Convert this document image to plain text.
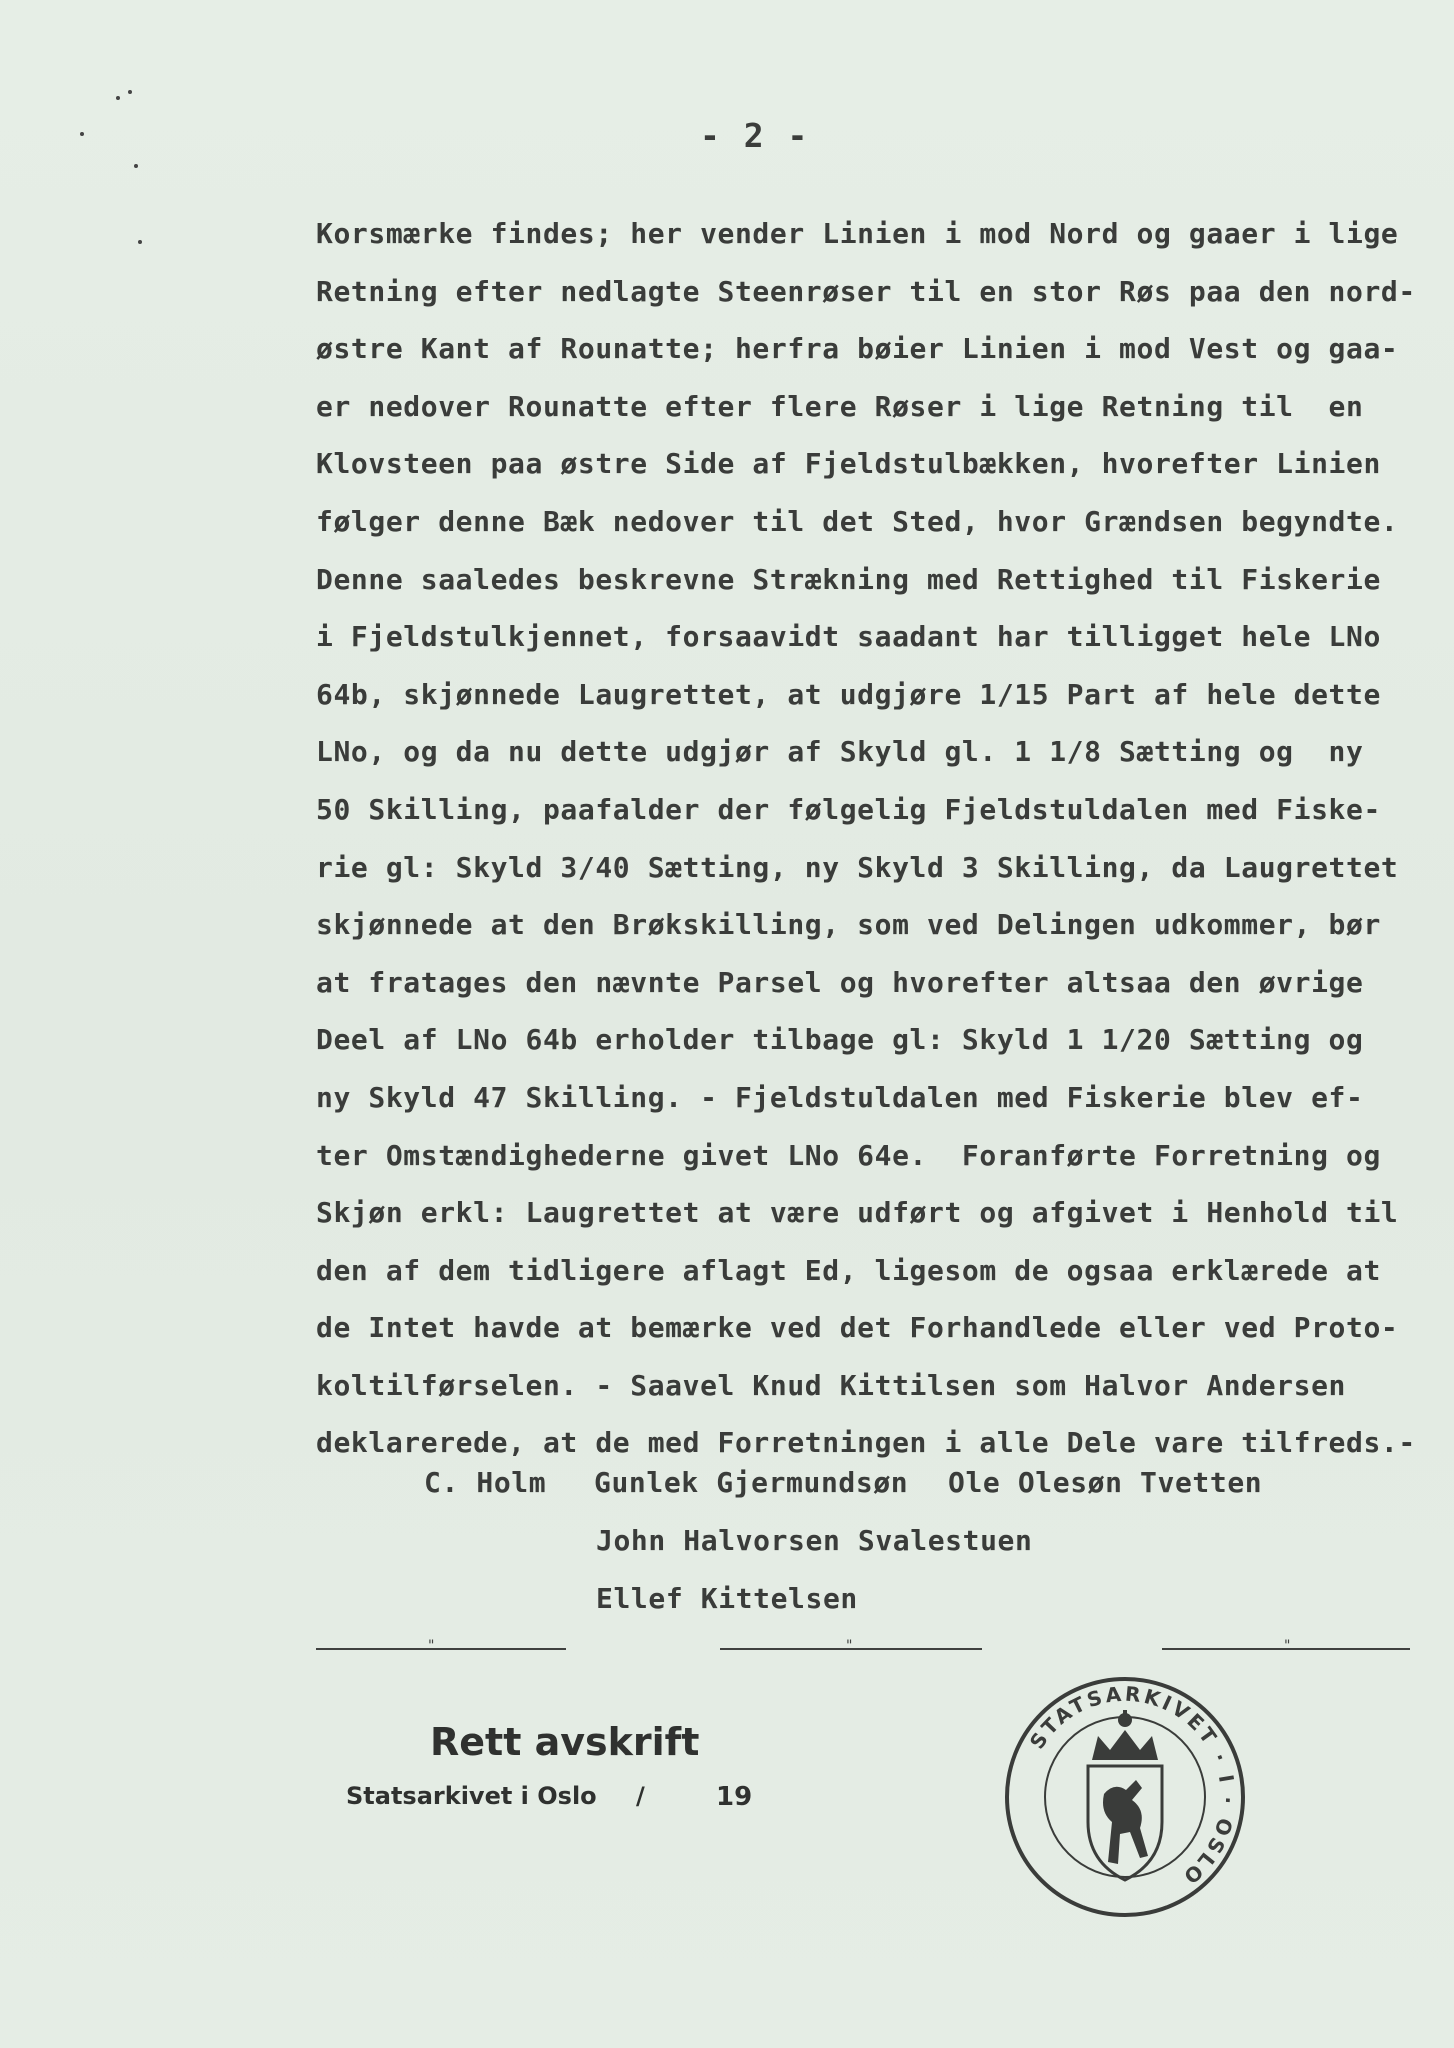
- 2 -
Korsmærke findes; her vender Linien i mod Nord og gaaer i lige
Retning efter nedlagte Steenrøser til en stor Røs paa den nord-
østre Kant af Rounatte; herfra bøier Linien i mod Vest og gaa-
er nedover Rounatte efter flere Røser i lige Retning til  en
Klovsteen paa østre Side af Fjeldstulbækken, hvorefter Linien
følger denne Bæk nedover til det Sted, hvor Grændsen begyndte.
Denne saaledes beskrevne Strækning med Rettighed til Fiskerie
i Fjeldstulkjennet, forsaavidt saadant har tilligget hele LNo
64b, skjønnede Laugrettet, at udgjøre 1/15 Part af hele dette
LNo, og da nu dette udgjør af Skyld gl. 1 1/8 Sætting og  ny
50 Skilling, paafalder der følgelig Fjeldstuldalen med Fiske-
rie gl: Skyld 3/40 Sætting, ny Skyld 3 Skilling, da Laugrettet
skjønnede at den Brøkskilling, som ved Delingen udkommer, bør
at fratages den nævnte Parsel og hvorefter altsaa den øvrige
Deel af LNo 64b erholder tilbage gl: Skyld 1 1/20 Sætting og
ny Skyld 47 Skilling. - Fjeldstuldalen med Fiskerie blev ef-
ter Omstændighederne givet LNo 64e.  Foranførte Forretning og
Skjøn erkl: Laugrettet at være udført og afgivet i Henhold til
den af dem tidligere aflagt Ed, ligesom de ogsaa erklærede at
de Intet havde at bemærke ved det Forhandlede eller ved Proto-
koltilførselen. - Saavel Knud Kittilsen som Halvor Andersen
deklarerede, at de med Forretningen i alle Dele vare tilfreds.-
C. Holm Gunlek Gjermundsøn Ole Olesøn Tvetten
John Halvorsen Svalestuen
Ellef Kittelsen
"	"	"
Rett avskrift
Statsarkivet i Oslo /	19
STATSARKIVET · I · OSLO
